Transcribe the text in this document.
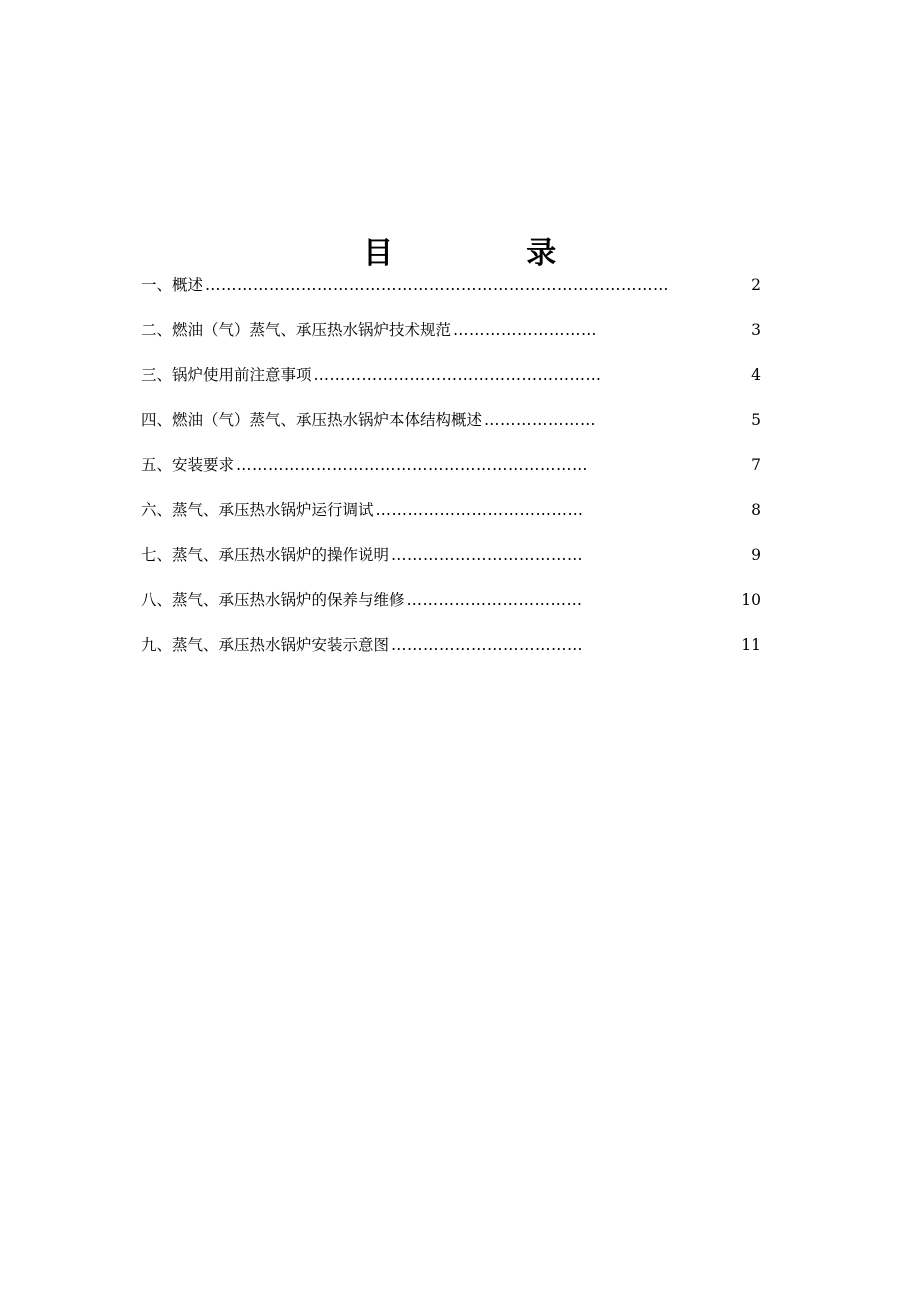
目            录
一、概述 ……………………………………………………………………………	2
二、燃油（气）蒸气、承压热水锅炉技术规范 ………………………	3
三、锅炉使用前注意事项 ………………………………………………	4
四、燃油（气）蒸气、承压热水锅炉本体结构概述 …………………	5
五、安装要求 …………………………………………………………	7
六、蒸气、承压热水锅炉运行调试 …………………………………	8
七、蒸气、承压热水锅炉的操作说明 ………………………………	9
八、蒸气、承压热水锅炉的保养与维修 ……………………………	10
九、蒸气、承压热水锅炉安装示意图 ………………………………	11
